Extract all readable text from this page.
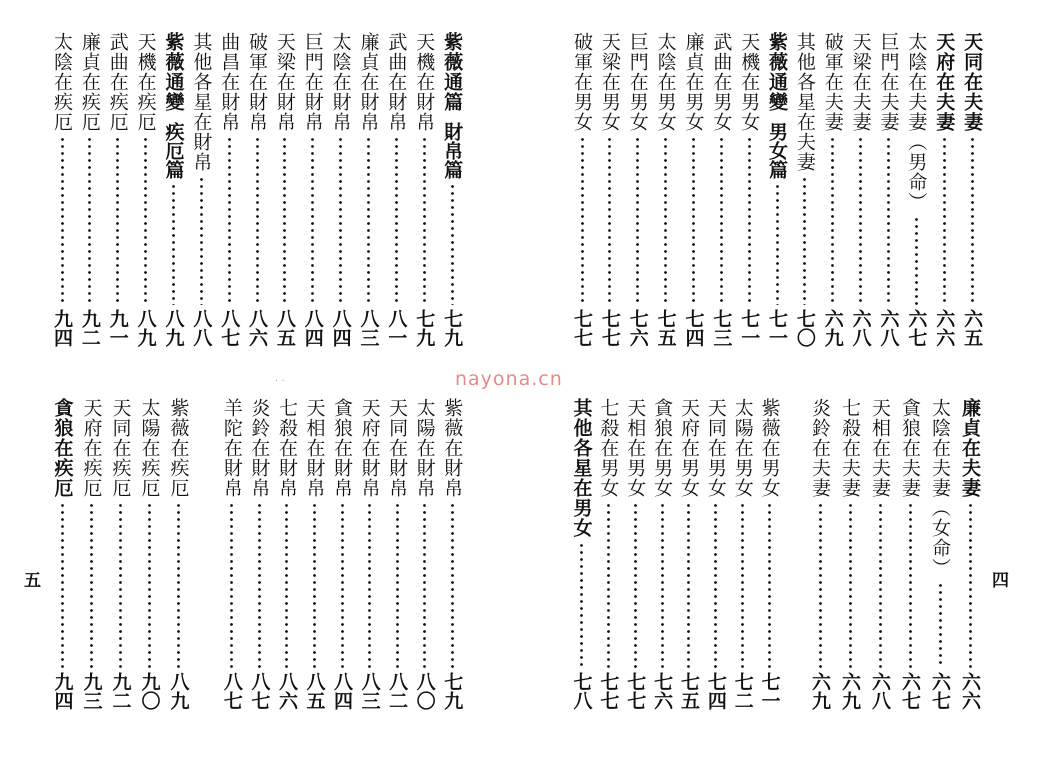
天同在夫妻
六五
天府在夫妻
六六
太陰在夫妻（男命）
六七
巨門在夫妻
六八
天梁在夫妻
六八
破軍在夫妻
六九
其他各星在夫妻
七〇
紫薇通變
男女篇
七一
天機在男女
七一
武曲在男女
七三
廉貞在男女
七四
太陰在男女
七五
巨門在男女
七六
天梁在男女
七七
破軍在男女
七七
紫薇通篇
財帛篇
七九
天機在財帛
七九
武曲在財帛
八一
廉貞在財帛
八三
太陰在財帛
八四
巨門在財帛
八四
天梁在財帛
八五
破軍在財帛
八六
曲昌在財帛
八七
其他各星在財帛
八八
紫薇通變
疾厄篇
八九
天機在疾厄
八九
武曲在疾厄
九一
廉貞在疾厄
九二
太陰在疾厄
九四
廉貞在夫妻
六六
太陰在夫妻（女命）
六七
貪狼在夫妻
六七
天相在夫妻
六八
七殺在夫妻
六九
炎鈴在夫妻
六九
紫薇在男女
七一
太陽在男女
七二
天同在男女
七四
天府在男女
七五
貪狼在男女
七六
天相在男女
七七
七殺在男女
七七
其他各星在男女
七八
紫薇在財帛
七九
太陽在財帛
八〇
天同在財帛
八二
天府在財帛
八三
貪狼在財帛
八四
天相在財帛
八五
七殺在財帛
八六
炎鈴在財帛
八七
羊陀在財帛
八七
紫薇在疾厄
八九
太陽在疾厄
九〇
天同在疾厄
九二
天府在疾厄
九三
貪狼在疾厄
九四
五	四
nayona.cn
· ·
